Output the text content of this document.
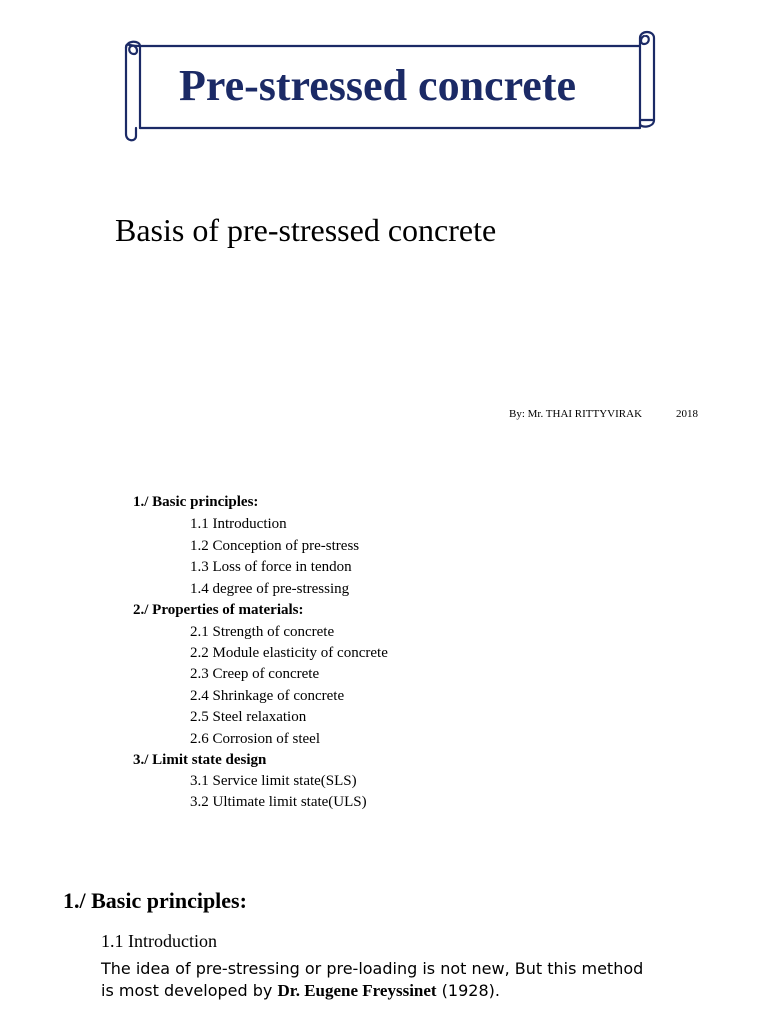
Pre-stressed concrete
Basis of pre-stressed concrete
By: Mr. THAI RITTYVIRAK	2018
1./ Basic principles:
1.1 Introduction
1.2 Conception of pre-stress
1.3 Loss of force in tendon
1.4 degree of pre-stressing
2./ Properties of materials:
2.1 Strength of concrete
2.2 Module elasticity of concrete
2.3 Creep of concrete
2.4 Shrinkage of concrete
2.5 Steel relaxation
2.6 Corrosion of steel
3./ Limit state design
3.1 Service limit state(SLS)
3.2 Ultimate limit state(ULS)
1./ Basic principles:
1.1 Introduction
The idea of pre-stressing or pre-loading is not new, But this method is most developed by Dr. Eugene Freyssinet (1928).
